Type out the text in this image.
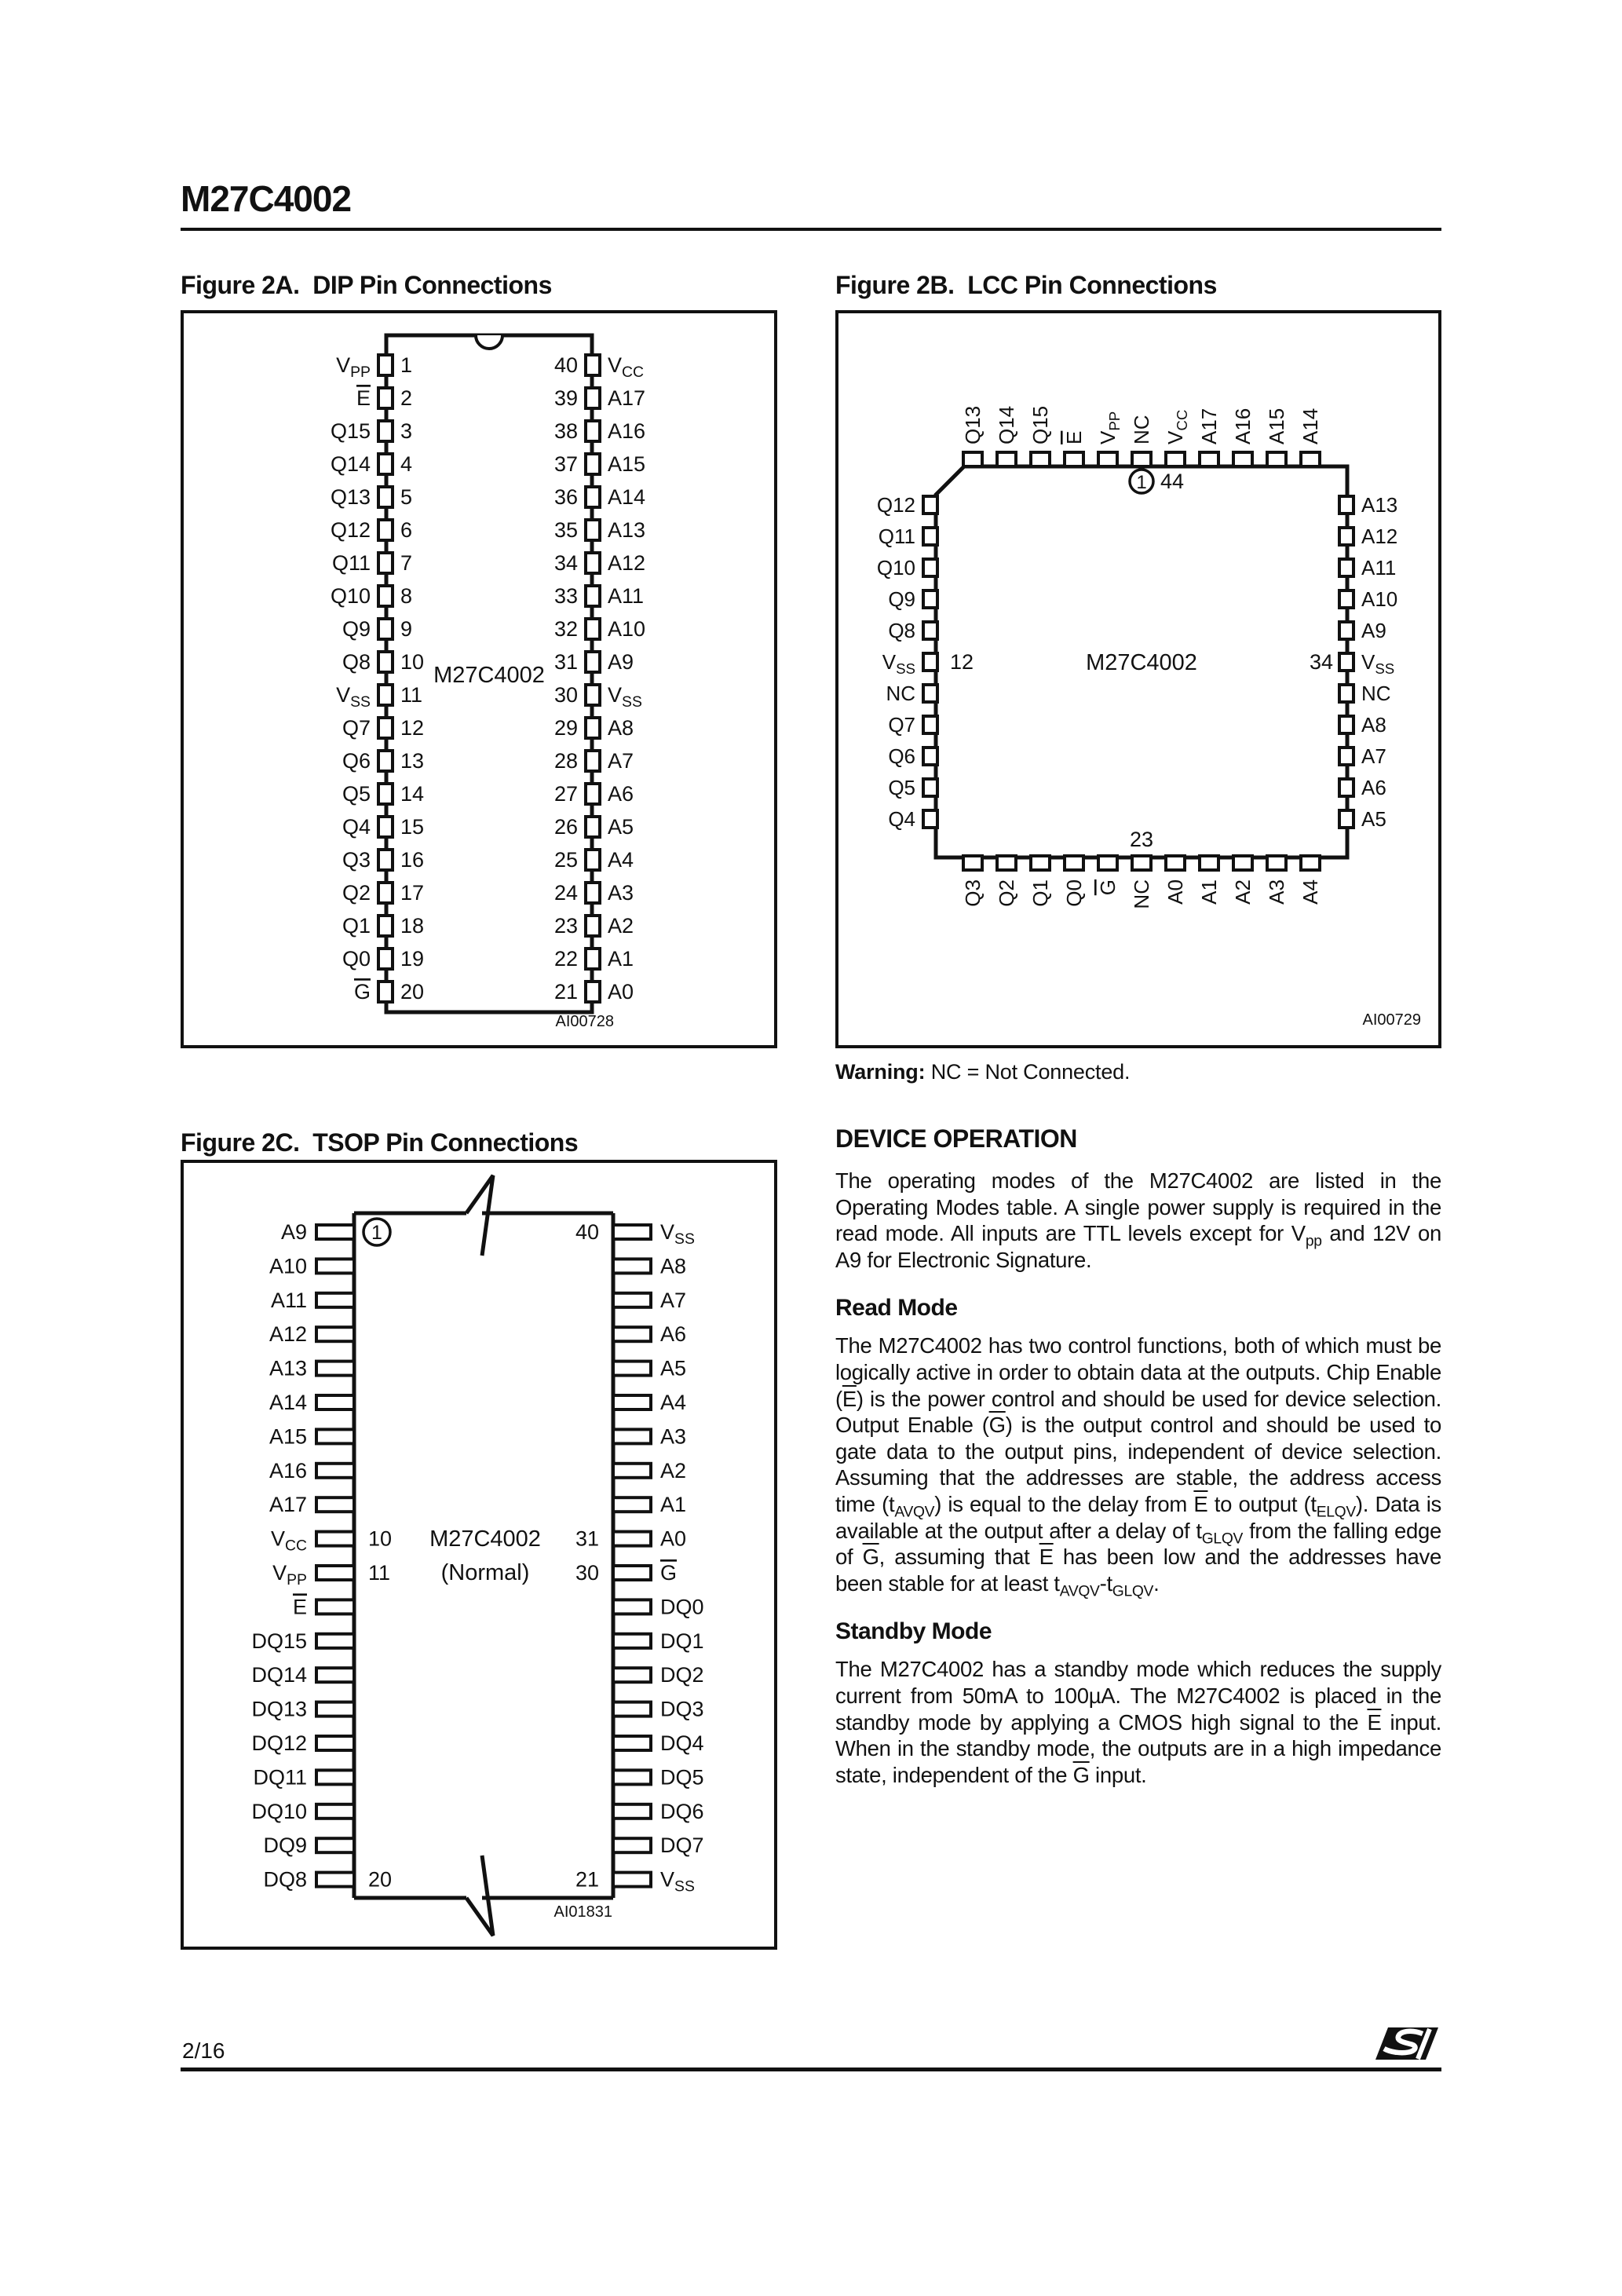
M27C4002
Figure 2A.  DIP Pin Connections	Figure 2B.  LCC Pin Connections
$V_{PP}$ 1	40 $V_{CC}$
E 2	39 A17
Q15 3	38 A16
Q14 4	37 A15
Q13 5	36 A14
Q12 6	35 A13
Q11 7	34 A12
Q10 8	33 A11
Q9 9	32 A10
Q8 10	31 A9
$V_{SS}$ 11	30 $V_{SS}$
Q7 12	29 A8
Q6 13	28 A7
Q5 14	27 A6
Q4 15	26 A5
Q3 16	25 A4
Q2 17	24 A3
Q1 18	23 A2
Q0 19	22 A1
G 20	21 A0
M27C4002
AI00728
Q13
Q3
Q12	A13
Q14
Q2
Q11	A12
Q15
Q1
Q10	A11
E
Q0
Q9	A10
$V_{PP}$
G
Q8	A9
NC
NC
$V_{SS}$	$V_{SS}$
$V_{CC}$
A0
NC	NC
A17
A1
Q7	A8
A16
A2
Q6	A7
A15
A3
Q5	A6
A14
A4
Q4	A5
1 44
12	34
23
M27C4002
AI00729
Warning: NC = Not Connected.
Figure 2C.  TSOP Pin Connections
A9	$V_{SS}$
1	40
A10	A8
A11	A7
A12	A6
A13	A5
A14	A4
A15	A3
A16	A2
A17	A1
$V_{CC}$	A0
10	31
$V_{PP}$	G
11	30
E	DQ0
DQ15	DQ1
DQ14	DQ2
DQ13	DQ3
DQ12	DQ4
DQ11	DQ5
DQ10	DQ6
DQ9	DQ7
DQ8	$V_{SS}$
20	21
M27C4002
(Normal)
AI01831
DEVICE OPERATION

The operating modes of the M27C4002 are listed in the Operating Modes table. A single power supply is required in the read mode. All inputs are TTL levels except for $V_{pp}$ and 12V on A9 for Electronic Signature.

Read Mode

The M27C4002 has two control functions, both of which must be logically active in order to obtain data at the outputs. Chip Enable $(\overline{E})$ is the power control and should be used for device selection. Output Enable $(\overline{G})$ is the output control and should be used to gate data to the output pins, independent of device selection. Assuming that the addresses are stable, the address access time $(t_{AVQV})$ is equal to the delay from $\overline{E}$ to output $(t_{ELQV})$. Data is available at the output after a delay of $t_{GLQV}$ from the falling edge of $\overline{G}$, assuming that $\overline{E}$ has been low and the addresses have been stable for at least $t_{AVQV}-t_{GLQV}$.

Standby Mode

The M27C4002 has a standby mode which reduces the supply current from 50mA to 100µA. The M27C4002 is placed in the standby mode by applying a CMOS high signal to the $\overline{E}$ input. When in the standby mode, the outputs are in a high impedance state, independent of the $\overline{G}$ input.

2/16
